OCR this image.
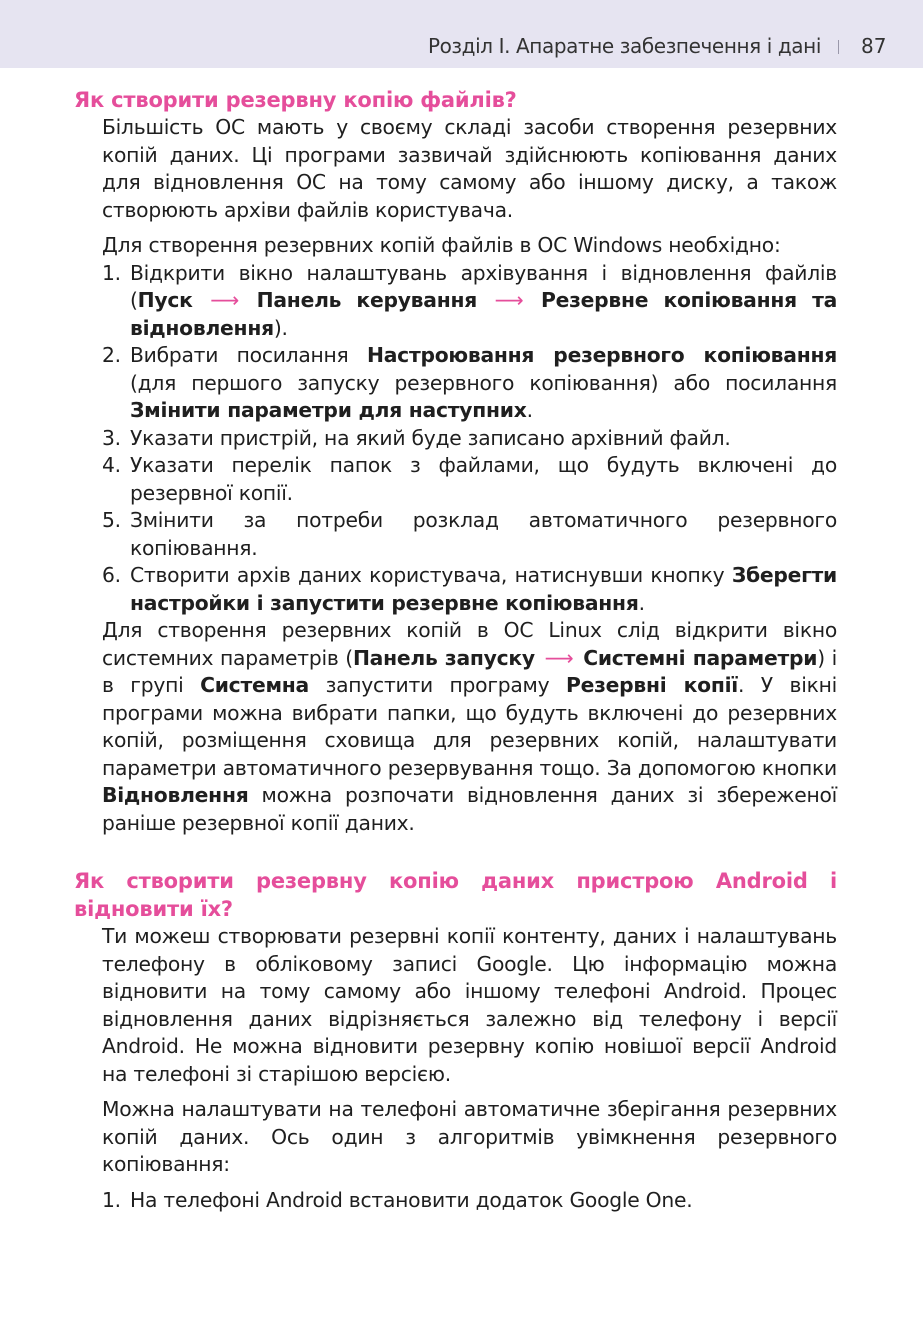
Розділ I. Апаратне забезпечення і дані 87
Як створити резервну копію файлів?

Більшість ОС мають у своєму складі засоби створення резервних копій даних. Ці програми зазвичай здійснюють копіювання даних для відновлення ОС на тому самому або іншому диску, а також створюють архіви файлів користувача.

Для створення резервних копій файлів в ОС Windows необхідно:

1. Відкрити вікно налаштувань архівування і відновлення файлів (Пуск ⟶ Панель керування ⟶ Резервне копіювання та відновлення).
2. Вибрати посилання Настроювання резервного копіювання (для першого запуску резервного копіювання) або посилання Змінити параметри для наступних.
3. Указати пристрій, на який буде записано архівний файл.
4. Указати перелік папок з файлами, що будуть включені до резервної копії.
5. Змінити за потреби розклад автоматичного резервного копіювання.
6. Створити архів даних користувача, натиснувши кнопку Зберегти настройки і запустити резервне копіювання.

Для створення резервних копій в ОС Linux слід відкрити вікно системних параметрів (Панель запуску ⟶ Системні параметри) і в групі Системна запустити програму Резервні копії. У вікні програми можна вибрати папки, що будуть включені до резервних копій, розміщення сховища для резервних копій, налаштувати параметри автоматичного резервування тощо. За допомогою кнопки Відновлення можна розпочати відновлення даних зі збереженої раніше резервної копії даних.

Як створити резервну копію даних пристрою Android і відновити їх?

Ти можеш створювати резервні копії контенту, даних і налаштувань телефону в обліковому записі Google. Цю інформацію можна відновити на тому самому або іншому телефоні Android. Процес відновлення даних відрізняється залежно від телефону і версії Android. Не можна відновити резервну копію новішої версії Android на телефоні зі старішою версією.

Можна налаштувати на телефоні автоматичне зберігання резервних копій даних. Ось один з алгоритмів увімкнення резервного копіювання:

1. На телефоні Android встановити додаток Google One.
